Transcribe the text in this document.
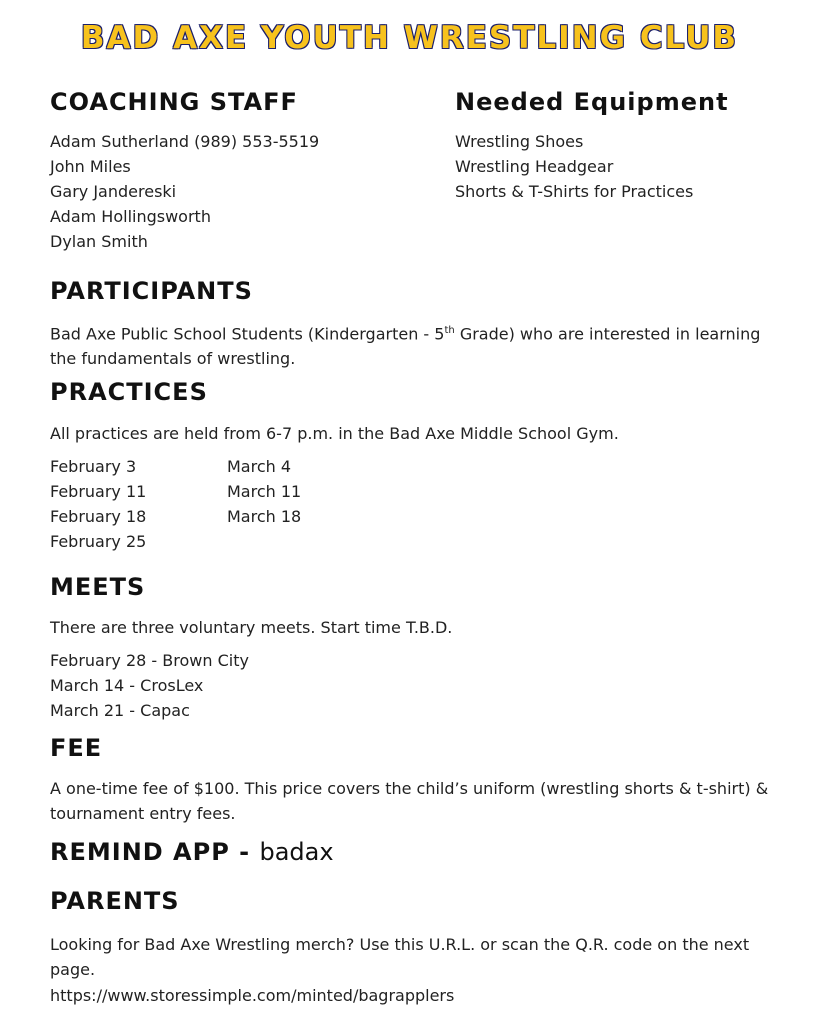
BAD AXE YOUTH WRESTLING CLUB
COACHING STAFF
Adam Sutherland (989) 553-5519
John Miles
Gary Jandereski
Adam Hollingsworth
Dylan Smith
Needed Equipment
Wrestling Shoes
Wrestling Headgear
Shorts & T-Shirts for Practices
PARTICIPANTS
Bad Axe Public School Students (Kindergarten - 5th Grade) who are interested in learning the fundamentals of wrestling.
PRACTICES
All practices are held from 6-7 p.m. in the Bad Axe Middle School Gym.
February 3
February 11
February 18
February 25
March 4
March 11
March 18
MEETS
There are three voluntary meets. Start time T.B.D.
February 28 - Brown City
March 14 - CrosLex
March 21 - Capac
FEE
A one-time fee of $100. This price covers the child’s uniform (wrestling shorts & t-shirt) & tournament entry fees.
REMIND APP - badax
PARENTS
Looking for Bad Axe Wrestling merch? Use this U.R.L. or scan the Q.R. code on the next page.
https://www.storessimple.com/minted/bagrapplers
